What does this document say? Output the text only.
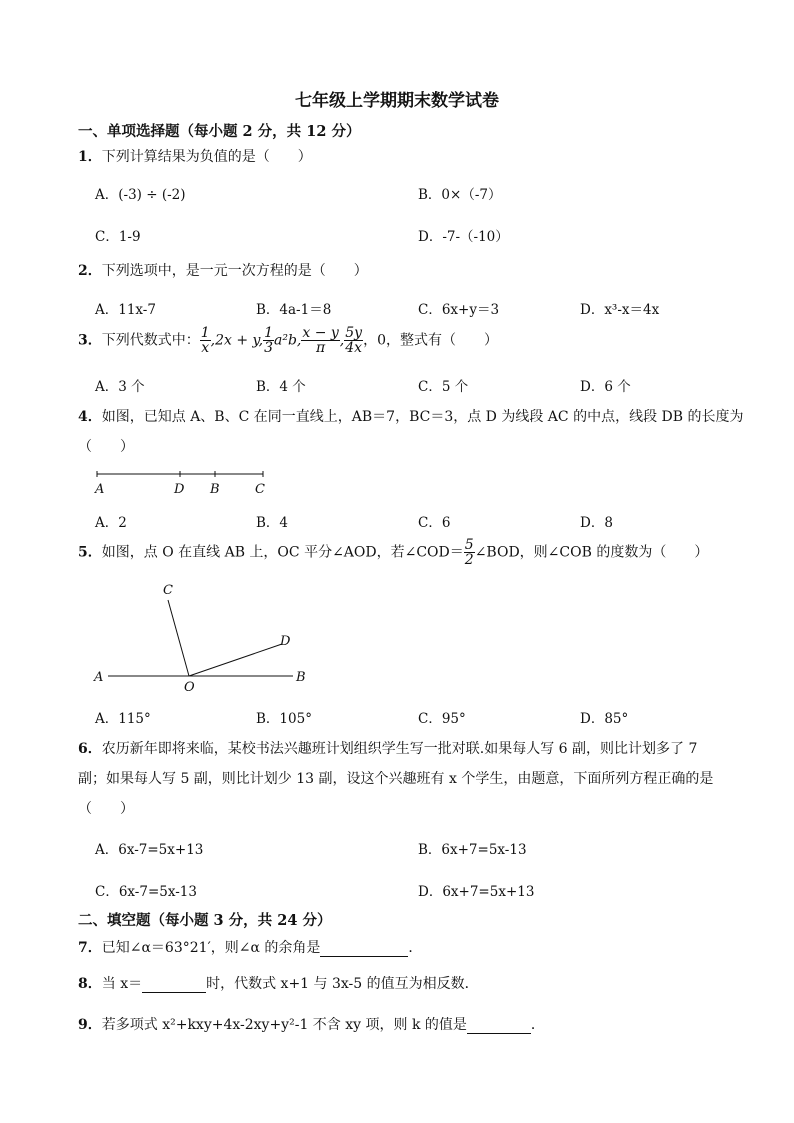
七年级上学期期末数学试卷
一、单项选择题（每小题 2 分，共 12 分）
1．下列计算结果为负值的是（　　）
A．(-3) ÷ (-2)	B．0×（-7）
C．1-9	D．-7-（-10）
2．下列选项中，是一元一次方程的是（　　）
A．11x-7	B．4a-1＝8	C．6x+y＝3	D．x³-x＝4x
3．下列代数式中： $\frac{1}{x} ,2x + y$, $\frac{1}{3} a^2b$, $\frac{x - y}{\pi}$ , $\frac{5y}{4x}$ ，0，整式有（　　）
A．3 个	B．4 个	C．5 个	D．6 个
4．如图，已知点 A、B、C 在同一直线上，AB＝7，BC＝3，点 D 为线段 AC 的中点，线段 DB 的长度为
（　　）
A	D B	C
A．2	B．4	C．6	D．8
5．如图，点 O 在直线 AB 上，OC 平分∠AOD，若∠COD＝ $\frac{5}{2}$ ∠BOD，则∠COB 的度数为（　　）
C
D
A
O
B
A．115°	B．105°	C．95°	D．85°
6．农历新年即将来临，某校书法兴趣班计划组织学生写一批对联.如果每人写 6 副，则比计划多了 7
副；如果每人写 5 副，则比计划少 13 副，设这个兴趣班有 x 个学生，由题意，下面所列方程正确的是
（　　）
A．6x-7=5x+13	B．6x+7=5x-13
C．6x-7=5x-13	D．6x+7=5x+13
二、填空题（每小题 3 分，共 24 分）
7．已知∠α＝63°21′，则∠α 的余角是	．
8．当 x＝	时，代数式 x+1 与 3x-5 的值互为相反数．
9．若多项式 x²+kxy+4x-2xy+y²-1 不含 xy 项，则 k 的值是	．
